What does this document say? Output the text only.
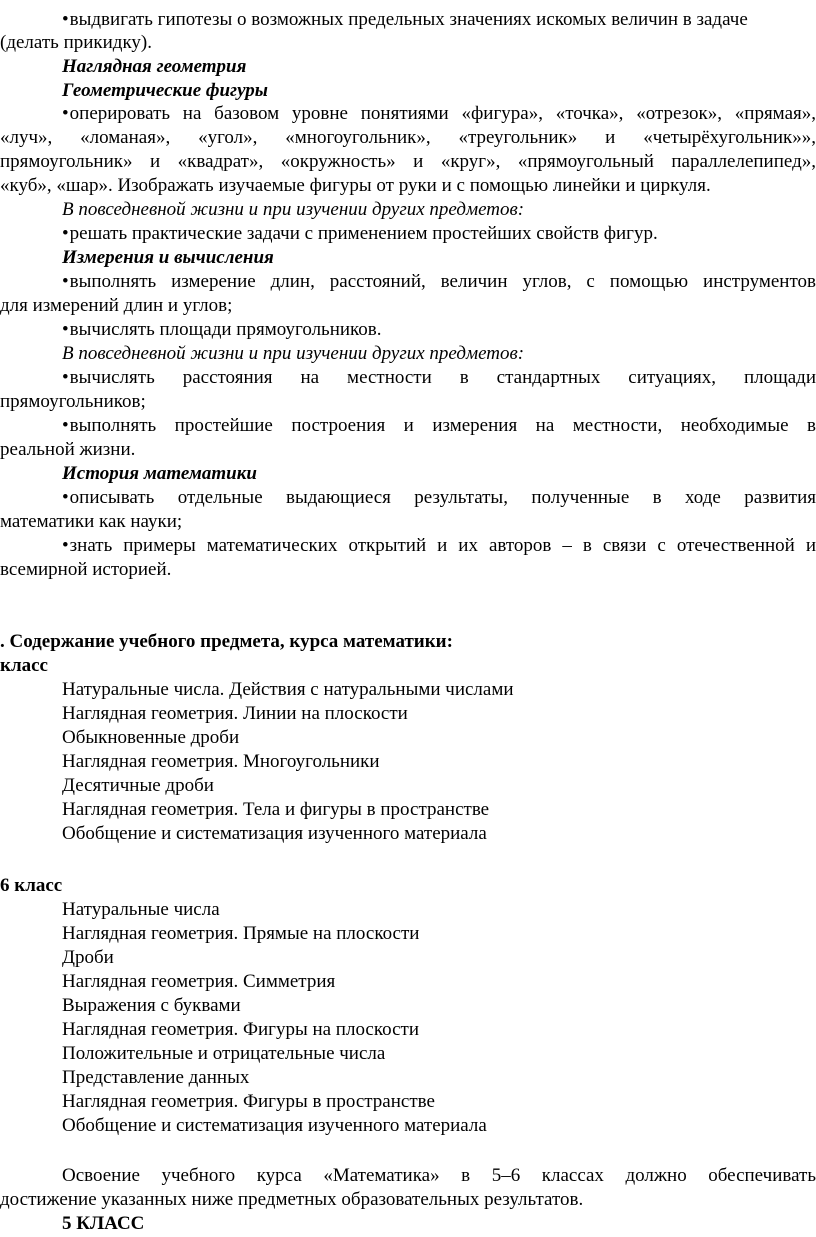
• выдвигать гипотезы о возможных предельных значениях искомых величин в задаче
(делать прикидку).
Наглядная геометрия
Геометрические фигуры
• оперировать на базовом уровне понятиями «фигура», «точка», «отрезок», «прямая»,
«луч», «ломаная», «угол», «многоугольник», «треугольник» и «четырёхугольник»»,
прямоугольник» и «квадрат», «окружность» и «круг», «прямоугольный параллелепипед»,
«куб», «шар». Изображать изучаемые фигуры от руки и с помощью линейки и циркуля.
В повседневной жизни и при изучении других предметов:
• решать практические задачи с применением простейших свойств фигур.
Измерения и вычисления
• выполнять измерение длин, расстояний, величин углов, с помощью инструментов
для измерений длин и углов;
• вычислять площади прямоугольников.
В повседневной жизни и при изучении других предметов:
• вычислять расстояния на местности в стандартных ситуациях, площади
прямоугольников;
• выполнять простейшие построения и измерения на местности, необходимые в
реальной жизни.
История математики
• описывать отдельные выдающиеся результаты, полученные в ходе развития
математики как науки;
• знать примеры математических открытий и их авторов – в связи с отечественной и
всемирной историей.
. Содержание учебного предмета, курса математики:
класс
Натуральные числа. Действия с натуральными числами
Наглядная геометрия. Линии на плоскости
Обыкновенные дроби
Наглядная геометрия. Многоугольники
Десятичные дроби
Наглядная геометрия. Тела и фигуры в пространстве
Обобщение и систематизация изученного материала
6 класс
Натуральные числа
Наглядная геометрия. Прямые на плоскости
Дроби
Наглядная геометрия. Симметрия
Выражения с буквами
Наглядная геометрия. Фигуры на плоскости
Положительные и отрицательные числа
Представление данных
Наглядная геометрия. Фигуры в пространстве
Обобщение и систематизация изученного материала
Освоение учебного курса «Математика» в 5–6 классах должно обеспечивать
достижение указанных ниже предметных образовательных результатов.
5 КЛАСС
